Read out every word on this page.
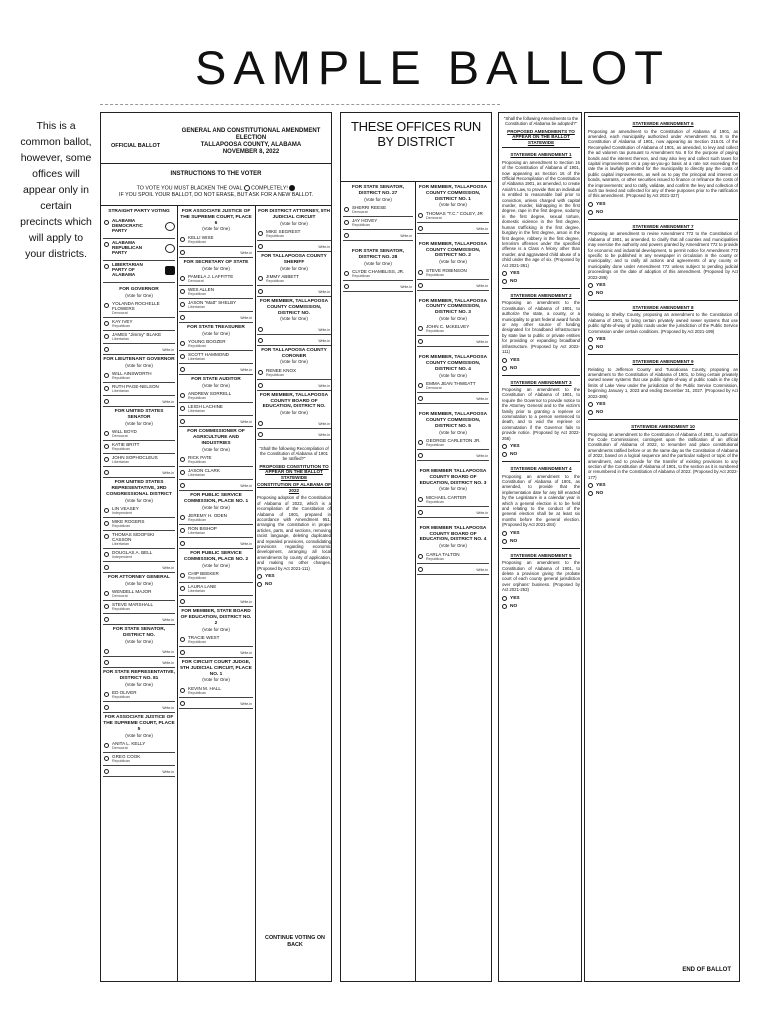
SAMPLE BALLOT
This is a common ballot, however, some offices will appear only in certain precincts which will apply to your districts.
OFFICIAL BALLOT
GENERAL AND CONSTITUTIONAL AMENDMENT ELECTION
TALLAPOOSA COUNTY, ALABAMA
NOVEMBER 8, 2022
INSTRUCTIONS TO THE VOTER
TO VOTE YOU MUST BLACKEN THE OVAL COMPLETELY!
IF YOU SPOIL YOUR BALLOT, DO NOT ERASE, BUT ASK FOR A NEW BALLOT.
STRAIGHT PARTY VOTING
ALABAMA DEMOCRATIC PARTY
ALABAMA REPUBLICAN PARTY
LIBERTARIAN PARTY OF ALABAMA
FOR GOVERNOR
(Vote for One)
YOLANDA ROCHELLE FLOWERS
Democrat
KAY IVEY
Republican
JAMES "Jimmy" BLAKE
Libertarian
Write-in
FOR LIEUTENANT GOVERNOR
(Vote for One)
WILL AINSWORTH
Republican
RUTH PAGE-NELSON
Libertarian
Write-in
FOR UNITED STATES SENATOR
(Vote for One)
WILL BOYD
Democrat
KATIE BRITT
Republican
JOHN SOPHOCLEUS
Libertarian
Write-in
FOR UNITED STATES REPRESENTATIVE, 3RD CONGRESSIONAL DISTRICT
(Vote for One)
LIN VEASEY
Independent
MIKE ROGERS
Republican
THOMAS SIDOFSKI CASSON
Libertarian
DOUGLAS A. BELL
Independent
Write-in
FOR ATTORNEY GENERAL
(Vote for One)
WENDELL MAJOR
Democrat
STEVE MARSHALL
Republican
Write-in
FOR STATE SENATOR, DISTRICT NO.
(Vote for One)
Write-in
Write-in
FOR STATE REPRESENTATIVE, DISTRICT NO. 81
(Vote for One)
ED OLIVER
Republican
Write-in
FOR ASSOCIATE JUSTICE OF THE SUPREME COURT, PLACE 5
(Vote for One)
ANITA L. KELLY
Democrat
GREG COOK
Republican
Write-in
FOR ASSOCIATE JUSTICE OF THE SUPREME COURT, PLACE 6
(Vote for One)
KELLI WISE
Republican
Write-in
FOR SECRETARY OF STATE
(Vote for One)
PAMELA J. LAFFITTE
Democrat
WES ALLEN
Republican
JASON "Matt" SHELBY
Libertarian
Write-in
FOR STATE TREASURER
(Vote for One)
YOUNG BOOZER
Republican
SCOTT HAMMOND
Libertarian
Write-in
FOR STATE AUDITOR
(Vote for One)
ANDREW SORRELL
Republican
LEIGH LACHINE
Libertarian
Write-in
FOR COMMISSIONER OF AGRICULTURE AND INDUSTRIES
(Vote for One)
RICK PATE
Republican
JASON CLARK
Libertarian
Write-in
FOR PUBLIC SERVICE COMMISSION, PLACE NO. 1
(Vote for One)
JEREMY H. ODEN
Republican
RON BISHOP
Libertarian
Write-in
FOR PUBLIC SERVICE COMMISSION, PLACE NO. 2
(Vote for One)
CHIP BEEKER
Republican
LAURA LANE
Libertarian
Write-in
FOR MEMBER, STATE BOARD OF EDUCATION, DISTRICT NO. 2
(Vote for One)
TRACIE WEST
Republican
Write-in
FOR CIRCUIT COURT JUDGE, 5TH JUDICIAL CIRCUIT, PLACE NO. 1
(Vote for One)
KEVIN M. HALL
Republican
Write-in
FOR DISTRICT ATTORNEY, 5TH JUDICIAL CIRCUIT
(Vote for One)
MIKE SEGREST
Republican
Write-in
FOR TALLAPOOSA COUNTY SHERIFF
(Vote for One)
JIMMY ABBETT
Republican
Write-in
FOR MEMBER, TALLAPOOSA COUNTY COMMISSION, DISTRICT NO.
(Vote for One)
Write-in
Write-in
FOR TALLAPOOSA COUNTY CORONER
(Vote for One)
RENEE KNOX
Republican
Write-in
FOR MEMBER, TALLAPOOSA COUNTY BOARD OF EDUCATION, DISTRICT NO.
(Vote for One)
Write-in
Write-in
"Shall the following Recompilation of the Constitution of Alabama of 1901 be ratified?"
PROPOSED CONSTITUTION TO APPEAR ON THE BALLOT STATEWIDE
CONSTITUTION OF ALABAMA OF 2022
Proposing adoption of the Constitution of Alabama of 2022, which is a recompilation of the Constitution of Alabama of 1901, prepared in accordance with Amendment 951, arranging the constitution in proper articles, parts, and sections, removing racist language, deleting duplicated and repealed provisions, consolidating provisions regarding economic development, arranging all local amendments by county of application, and making no other changes. (Proposed by Act 2021-111)
YES
NO
CONTINUE VOTING ON BACK
THESE OFFICES RUN BY DISTRICT
FOR STATE SENATOR, DISTRICT NO. 27
(Vote for One)
SHERRI REESE
Democrat
JAY HOVEY
Republican
Write-in
FOR STATE SENATOR, DISTRICT NO. 28
(Vote for One)
CLYDE CHAMBLISS, JR.
Republican
Write-in
FOR MEMBER, TALLAPOOSA COUNTY COMMISSION, DISTRICT NO. 1
(Vote for One)
THOMAS "T.C." COLEY, JR
Democrat
Write-in
FOR MEMBER, TALLAPOOSA COUNTY COMMISSION, DISTRICT NO. 2
(Vote for One)
STEVE ROBINSON
Republican
Write-in
FOR MEMBER, TALLAPOOSA COUNTY COMMISSION, DISTRICT NO. 3
(Vote for One)
JOHN C. McKELVEY
Republican
Write-in
FOR MEMBER, TALLAPOOSA COUNTY COMMISSION, DISTRICT NO. 4
(Vote for One)
EMMA JEAN THWEATT
Democrat
Write-in
FOR MEMBER, TALLAPOOSA COUNTY COMMISSION, DISTRICT NO. 5
(Vote for One)
GEORGE CARLETON JR.
Republican
Write-in
FOR MEMBER TALLAPOOSA COUNTY BOARD OF EDUCATION, DISTRICT NO. 3
(Vote for One)
MICHAEL CARTER
Republican
Write-in
FOR MEMBER TALLAPOOSA COUNTY BOARD OF EDUCATION, DISTRICT NO. 4
(Vote for One)
CARLA TALTON
Republican
Write-in
"Shall the following Amendments to the Constitution of Alabama be adopted?"
PROPOSED AMENDMENTS TO APPEAR ON THE BALLOT STATEWIDE
STATEWIDE AMENDMENT 1
Proposing an amendment to Section 16 of the Constitution of Alabama of 1901, now appearing as Section 16 of the Official Recompilation of the Constitution of Alabama 1901, as amended, to create Aniah's Law, to provide that an individual is entitled to reasonable bail prior to conviction, unless charged with capital murder, murder, kidnapping in the first degree, rape in the first degree, sodomy in the first degree, sexual torture, domestic violence in the first degree, human trafficking in the first degree, burglary in the first degree, arson in the first degree, robbery in the first degree, terrorism offenses under the specified offense is a Class A felony other than murder, and aggravated child abuse of a child under the age of six. (Proposed by Act 2021-361)
YES
NO
STATEWIDE AMENDMENT 2
Proposing an amendment to the Constitution of Alabama of 1901, to authorize the state, a county, or a municipality to grant federal award funds or any other source of funding designated for broadband infrastructure by state law to public or private entities for providing or expanding broadband infrastructure. (Proposed by Act 2022-111)
YES
NO
STATEWIDE AMENDMENT 3
Proposing an amendment to the Constitution of Alabama of 1901, to require the Governor to provide notice to the Attorney General and to the victim's family prior to granting a reprieve or commutation to a person sentenced to death, and to void the reprieve or commutation if the Governor fails to provide notice. (Proposed by Act 2022-256)
YES
NO
STATEWIDE AMENDMENT 4
Proposing an amendment to the Constitution of Alabama of 1901, as amended, to provide that the implementation date for any bill enacted by the Legislature in a calendar year in which a general election is to be held and relating to the conduct of the general election shall be at least six months before the general election. (Proposed by Act 2021-284)
YES
NO
STATEWIDE AMENDMENT 5
Proposing an amendment to the Constitution of Alabama of 1901, to delete a provision giving the probate court of each county general jurisdiction over orphans' business. (Proposed by Act 2021-253)
YES
NO
STATEWIDE AMENDMENT 6
Proposing an amendment to the Constitution of Alabama of 1901, as amended, each municipality authorized under Amendment No. 8 to the Constitution of Alabama of 1901, now appearing as Section 216.01 of the Recompiled Constitution of Alabama of 1901, as amended, to levy and collect the ad valorem tax pursuant to Amendment No. 8 for the purpose of paying bonds and the interest thereon, and may also levy and collect such taxes for capital improvements on a pay-as-you-go basis at a rate not exceeding the rate the is lawfully permitted for the municipality to directly pay the costs of public capital improvements, as well as to pay the principal and interest on bonds, warrants, or other securities issued to finance or refinance the costs of the improvements; and to ratify, validate, and confirm the levy and collection of such tax levied and collected for any of these purposes prior to the ratification of this amendment. (Proposed by Act 2021-327)
YES
NO
STATEWIDE AMENDMENT 7
Proposing an amendment to revise Amendment 772 to the Constitution of Alabama of 1901, as amended, to clarify that all counties and municipalities may exercise the authority and powers granted by Amendment 772 to provide for economic and industrial development, to permit notice for Amendment 772 specific to be published in any newspaper in circulation in the county or municipality; and to ratify all actions and agreements of any county or municipality done under Amendment 772 unless subject to pending judicial proceedings on the date of adoption of this amendment. (Proposed by Act 2022-286)
YES
NO
STATEWIDE AMENDMENT 8
Relating to Shelby County, proposing an amendment to the Constitution of Alabama of 1901, to bring certain privately owned sewer systems that use public rights-of-way of public roads under the jurisdiction of the Public Service Commission under certain conditions. (Proposed by Act 2021-199)
YES
NO
STATEWIDE AMENDMENT 9
Relating to Jefferson County and Tuscaloosa County, proposing an amendment to the Constitution of Alabama of 1901, to bring certain privately owned sewer systems that use public rights-of-way of public roads in the city limits of Lake View under the jurisdiction of the Public Service Commission, beginning January 1, 2023 and ending December 31, 2027. (Proposed by Act 2022-386)
YES
NO
STATEWIDE AMENDMENT 10
Proposing an amendment to the Constitution of Alabama of 1901, to authorize the Code Commissioner, contingent upon the ratification of an official Constitution of Alabama of 2022, to renumber and place constitutional amendments ratified before or on the same day as the Constitution of Alabama of 2022, based on a logical sequence and the particular subject or topic of the amendment, and to provide for the transfer of existing provisions to any section of the Constitution of Alabama of 1901, to the section as it is numbered or renumbered in the Constitution of Alabama of 2022. (Proposed by Act 2022-177)
YES
NO
END OF BALLOT
